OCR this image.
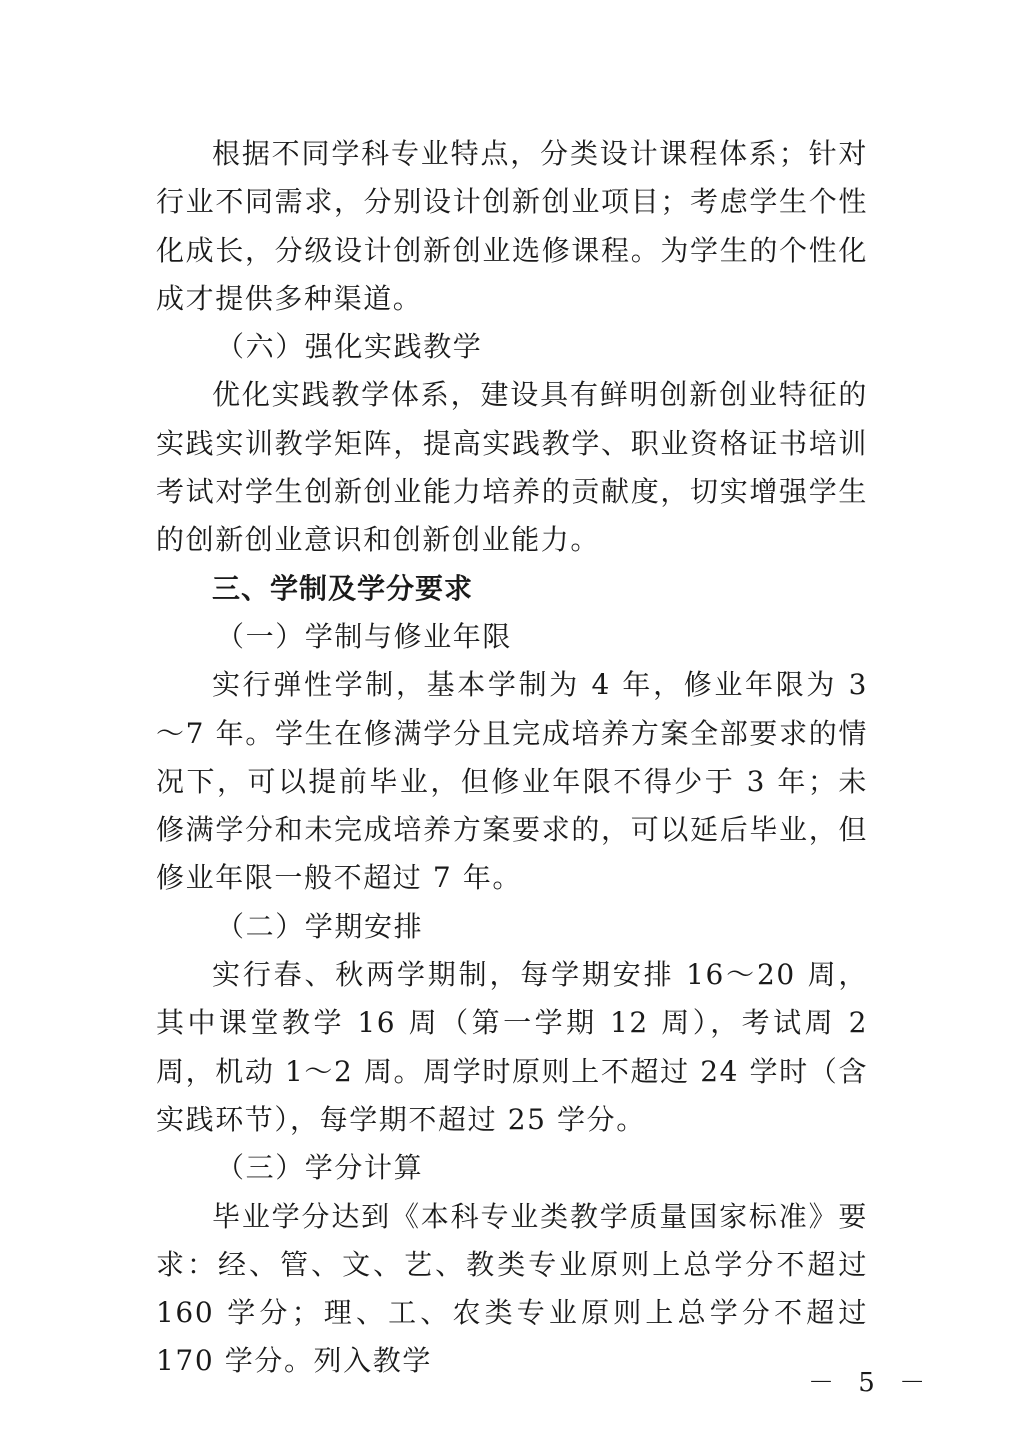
根据不同学科专业特点，分类设计课程体系；针对行业不同需求，分别设计创新创业项目；考虑学生个性化成长，分级设计创新创业选修课程。为学生的个性化成才提供多种渠道。

（六）强化实践教学

优化实践教学体系，建设具有鲜明创新创业特征的实践实训教学矩阵，提高实践教学、职业资格证书培训考试对学生创新创业能力培养的贡献度，切实增强学生的创新创业意识和创新创业能力。

三、学制及学分要求

（一）学制与修业年限

实行弹性学制，基本学制为 4 年，修业年限为 3～7 年。学生在修满学分且完成培养方案全部要求的情况下，可以提前毕业，但修业年限不得少于 3 年；未修满学分和未完成培养方案要求的，可以延后毕业，但修业年限一般不超过 7 年。

（二）学期安排

实行春、秋两学期制，每学期安排 16～20 周，其中课堂教学 16 周（第一学期 12 周），考试周 2 周，机动 1～2 周。周学时原则上不超过 24 学时（含实践环节），每学期不超过 25 学分。

（三）学分计算

毕业学分达到《本科专业类教学质量国家标准》要求：经、管、文、艺、教类专业原则上总学分不超过 160 学分；理、工、农类专业原则上总学分不超过 170 学分。列入教学

－ 5 －
